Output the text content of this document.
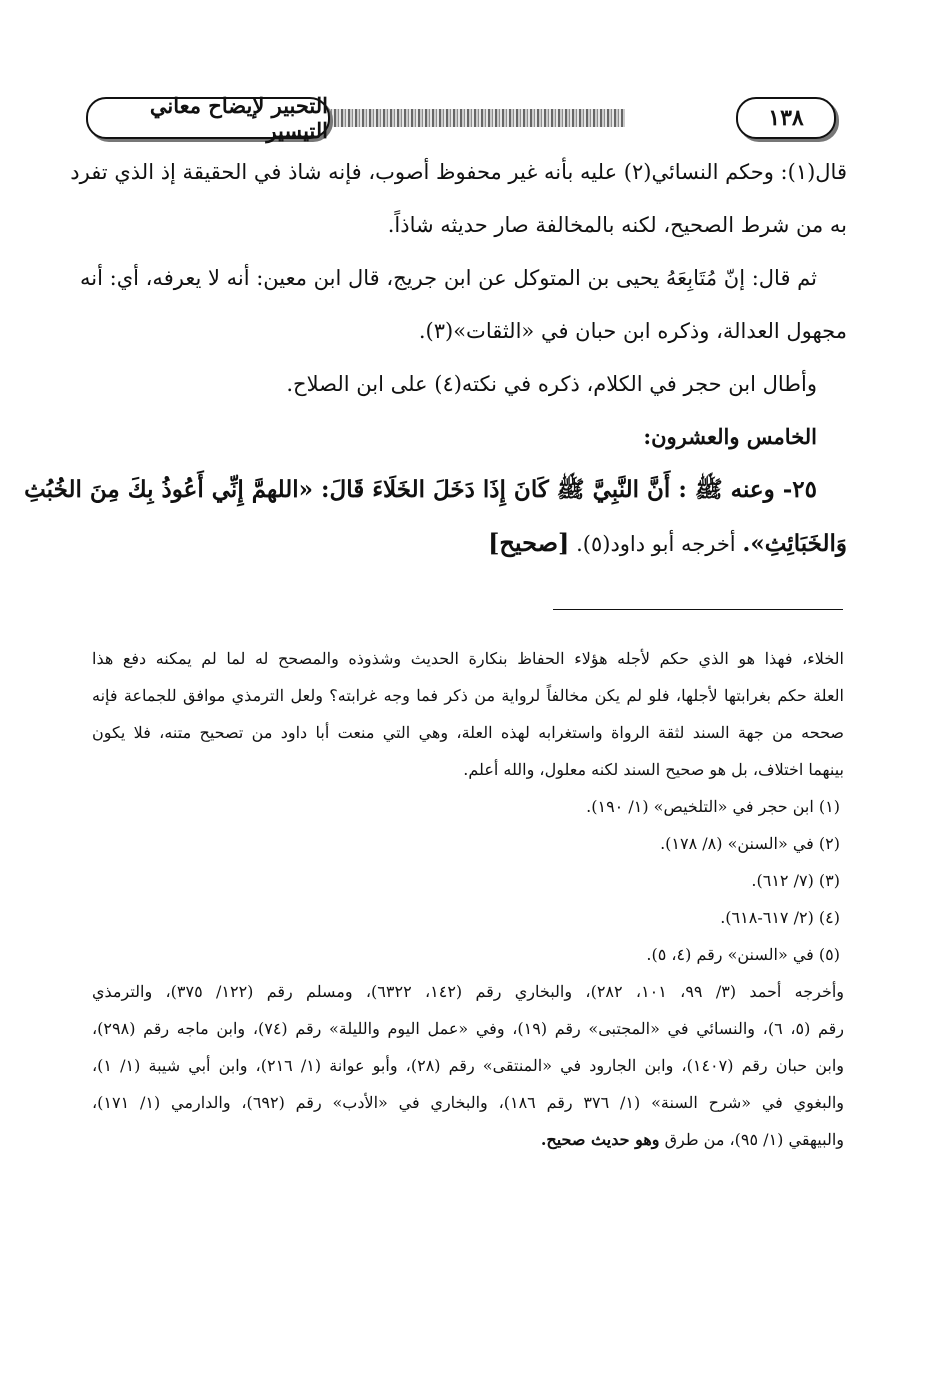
التحبير لإيضاح معاني التيسير	١٣٨
قال(١): وحكم النسائي(٢) عليه بأنه غير محفوظ أصوب، فإنه شاذ في الحقيقة إذ الذي تفرد
به من شرط الصحيح، لكنه بالمخالفة صار حديثه شاذاً.
ثم قال: إنّ مُتَابِعَهُ يحيى بن المتوكل عن ابن جريج، قال ابن معين: أنه لا يعرفه، أي: أنه
مجهول العدالة، وذكره ابن حبان في «الثقات»(٣).
وأطال ابن حجر في الكلام، ذكره في نكته(٤) على ابن الصلاح.
الخامس والعشرون:
٢٥- وعنه ﷺ : أَنَّ النَّبِيَّ ﷺ كَانَ إِذَا دَخَلَ الخَلَاءَ قَالَ: «اللهمَّ إِنِّي أَعُوذُ بِكَ مِنَ الخُبُثِ
وَالخَبَائِثِ». أخرجه أبو داود(٥). [صحيح]
الخلاء، فهذا هو الذي حكم لأجله هؤلاء الحفاظ بنكارة الحديث وشذوذه والمصحح له لما لم يمكنه دفع هذا
العلة حكم بغرابتها لأجلها، فلو لم يكن مخالفاً لرواية من ذكر فما وجه غرابته؟ ولعل الترمذي موافق للجماعة فإنه
صححه من جهة السند لثقة الرواة واستغرابه لهذه العلة، وهي التي منعت أبا داود من تصحيح متنه، فلا يكون
بينهما اختلاف، بل هو صحيح السند لكنه معلول، والله أعلم.
(١) ابن حجر في «التلخيص» (١/ ١٩٠).
(٢) في «السنن» (٨/ ١٧٨).
(٣) (٧/ ٦١٢).
(٤) (٢/ ٦١٧-٦١٨).
(٥) في «السنن» رقم (٤، ٥).
وأخرجه أحمد (٣/ ٩٩، ١٠١، ٢٨٢)، والبخاري رقم (١٤٢، ٦٣٢٢)، ومسلم رقم (١٢٢/ ٣٧٥)، والترمذي
رقم (٥، ٦)، والنسائي في «المجتبى» رقم (١٩)، وفي «عمل اليوم والليلة» رقم (٧٤)، وابن ماجه رقم (٢٩٨)،
وابن حبان رقم (١٤٠٧)، وابن الجارود في «المنتقى» رقم (٢٨)، وأبو عوانة (١/ ٢١٦)، وابن أبي شيبة (١/ ١)،
والبغوي في «شرح السنة» (١/ ٣٧٦ رقم ١٨٦)، والبخاري في «الأدب» رقم (٦٩٢)، والدارمي (١/ ١٧١)،
والبيهقي (١/ ٩٥)، من طرق وهو حديث صحيح.
